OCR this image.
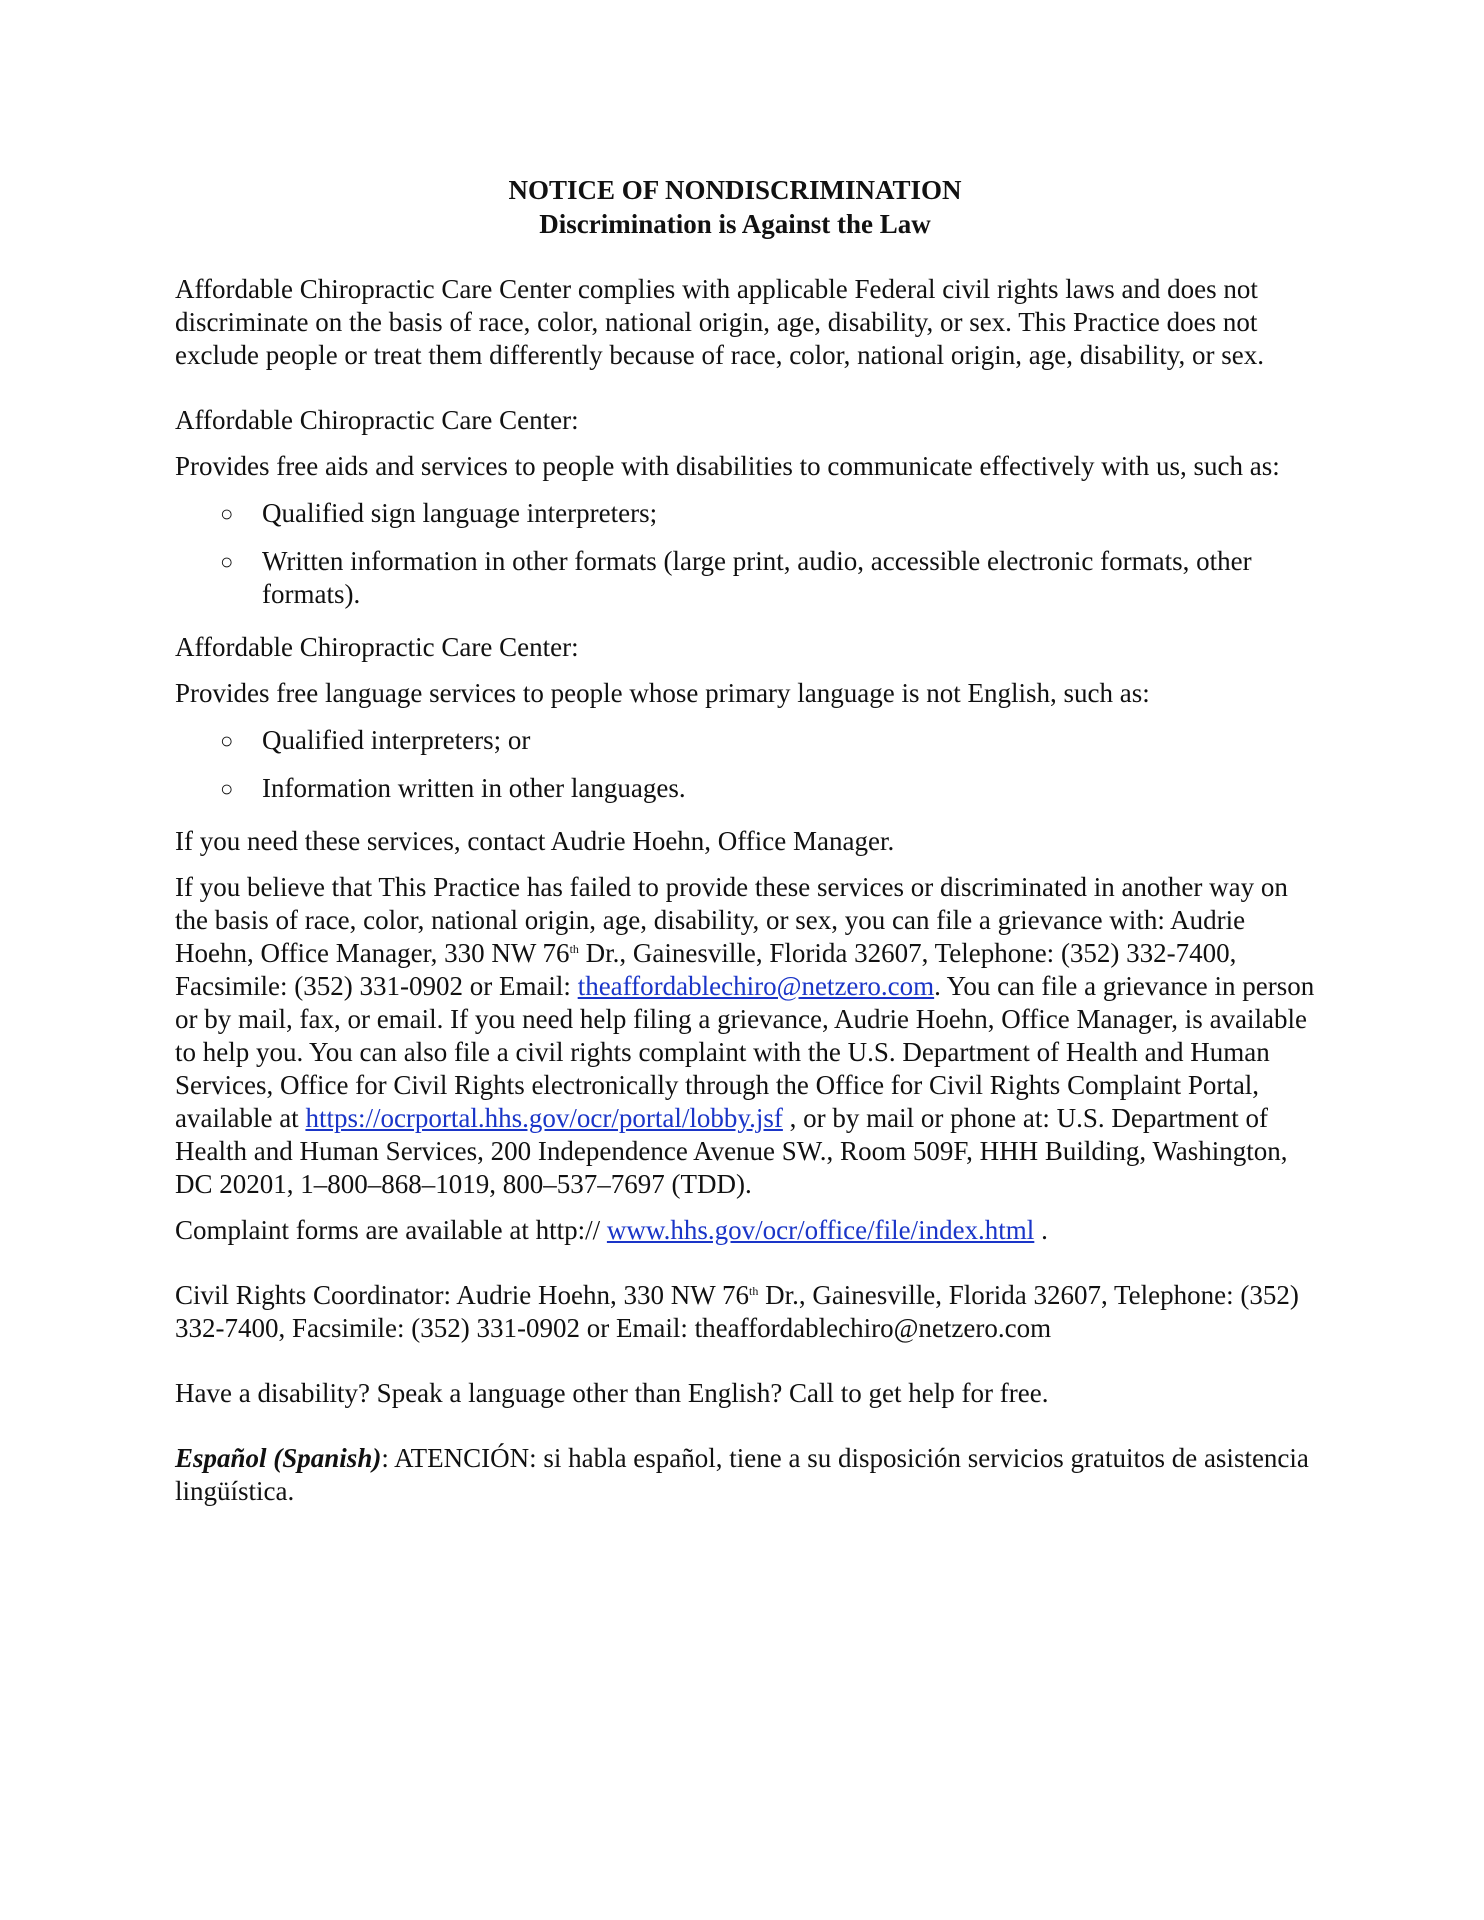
NOTICE OF NONDISCRIMINATION
Discrimination is Against the Law

Affordable Chiropractic Care Center complies with applicable Federal civil rights laws and does not discriminate on the basis of race, color, national origin, age, disability, or sex. This Practice does not exclude people or treat them differently because of race, color, national origin, age, disability, or sex.

Affordable Chiropractic Care Center:

Provides free aids and services to people with disabilities to communicate effectively with us, such as:

○ Qualified sign language interpreters;
○ Written information in other formats (large print, audio, accessible electronic formats, other formats).

Affordable Chiropractic Care Center:

Provides free language services to people whose primary language is not English, such as:

○ Qualified interpreters; or
○ Information written in other languages.

If you need these services, contact Audrie Hoehn, Office Manager.

If you believe that This Practice has failed to provide these services or discriminated in another way on the basis of race, color, national origin, age, disability, or sex, you can file a grievance with: Audrie Hoehn, Office Manager, 330 NW 76th Dr., Gainesville, Florida 32607, Telephone: (352) 332-7400, Facsimile: (352) 331-0902 or Email: theaffordablechiro@netzero.com. You can file a grievance in person or by mail, fax, or email. If you need help filing a grievance, Audrie Hoehn, Office Manager, is available to help you. You can also file a civil rights complaint with the U.S. Department of Health and Human Services, Office for Civil Rights electronically through the Office for Civil Rights Complaint Portal, available at https://ocrportal.hhs.gov/ocr/portal/lobby.jsf , or by mail or phone at: U.S. Department of Health and Human Services, 200 Independence Avenue SW., Room 509F, HHH Building, Washington, DC 20201, 1–800–868–1019, 800–537–7697 (TDD).

Complaint forms are available at http:// www.hhs.gov/ocr/office/file/index.html .

Civil Rights Coordinator: Audrie Hoehn, 330 NW 76th Dr., Gainesville, Florida 32607, Telephone: (352) 332-7400, Facsimile: (352) 331-0902 or Email: theaffordablechiro@netzero.com

Have a disability? Speak a language other than English? Call to get help for free.

Español (Spanish): ATENCIÓN: si habla español, tiene a su disposición servicios gratuitos de asistencia lingüística.
